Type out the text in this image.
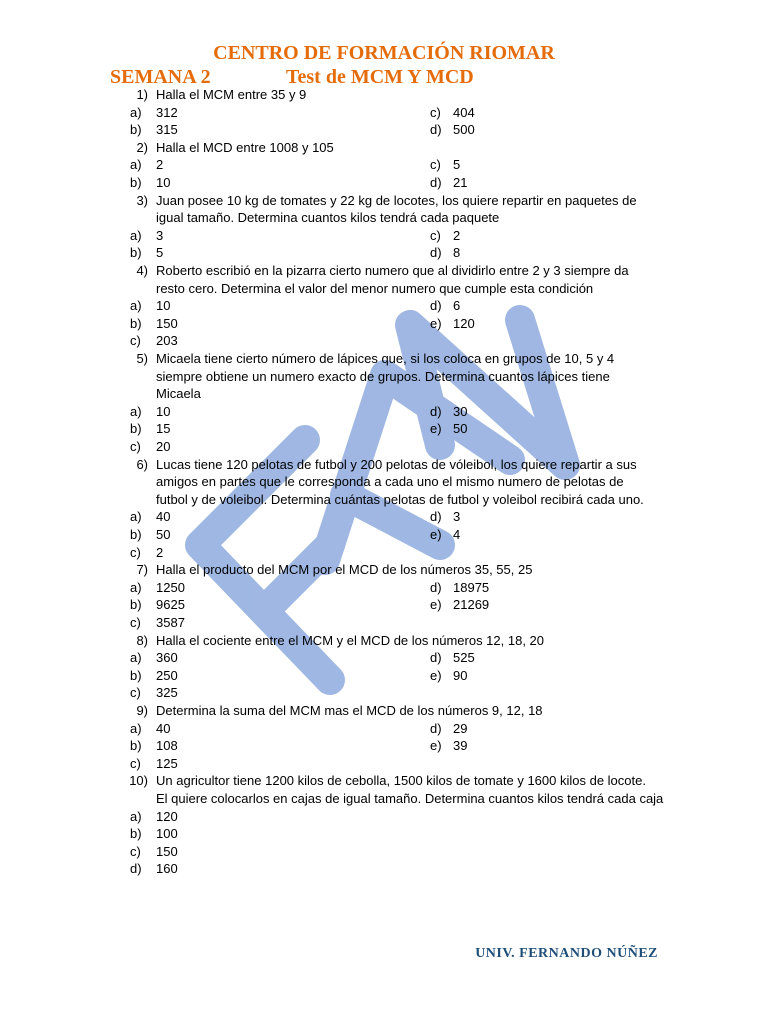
CENTRO DE FORMACIÓN RIOMAR
SEMANA 2	Test de MCM Y MCD
1) Halla el MCM entre 35 y 9
a) 312	c) 404
b) 315	d) 500
2) Halla el MCD entre 1008 y 105
a) 2	c) 5
b) 10	d) 21
3) Juan posee 10 kg de tomates y 22 kg de locotes, los quiere repartir en paquetes de
igual tamaño. Determina cuantos kilos tendrá cada paquete
a) 3	c) 2
b) 5	d) 8
4) Roberto escribió en la pizarra cierto numero que al dividirlo entre 2 y 3 siempre da
resto cero. Determina el valor del menor numero que cumple esta condición
a) 10	d) 6
b) 150	e) 120
c) 203
5) Micaela tiene cierto número de lápices que, si los coloca en grupos de 10, 5 y 4
siempre obtiene un numero exacto de grupos. Determina cuantos lápices tiene
Micaela
a) 10	d) 30
b) 15	e) 50
c) 20
6) Lucas tiene 120 pelotas de futbol y 200 pelotas de vóleibol, los quiere repartir a sus
amigos en partes que le corresponda a cada uno el mismo numero de pelotas de
futbol y de voleibol. Determina cuántas pelotas de futbol y voleibol recibirá cada uno.
a) 40	d) 3
b) 50	e) 4
c) 2
7) Halla el producto del MCM por el MCD de los números 35, 55, 25
a) 1250	d) 18975
b) 9625	e) 21269
c) 3587
8) Halla el cociente entre el MCM y el MCD de los números 12, 18, 20
a) 360	d) 525
b) 250	e) 90
c) 325
9) Determina la suma del MCM mas el MCD de los números 9, 12, 18
a) 40	d) 29
b) 108	e) 39
c) 125
10) Un agricultor tiene 1200 kilos de cebolla, 1500 kilos de tomate y 1600 kilos de locote.
El quiere colocarlos en cajas de igual tamaño. Determina cuantos kilos tendrá cada caja
a) 120
b) 100
c) 150
d) 160
UNIV. FERNANDO NÚÑEZ
